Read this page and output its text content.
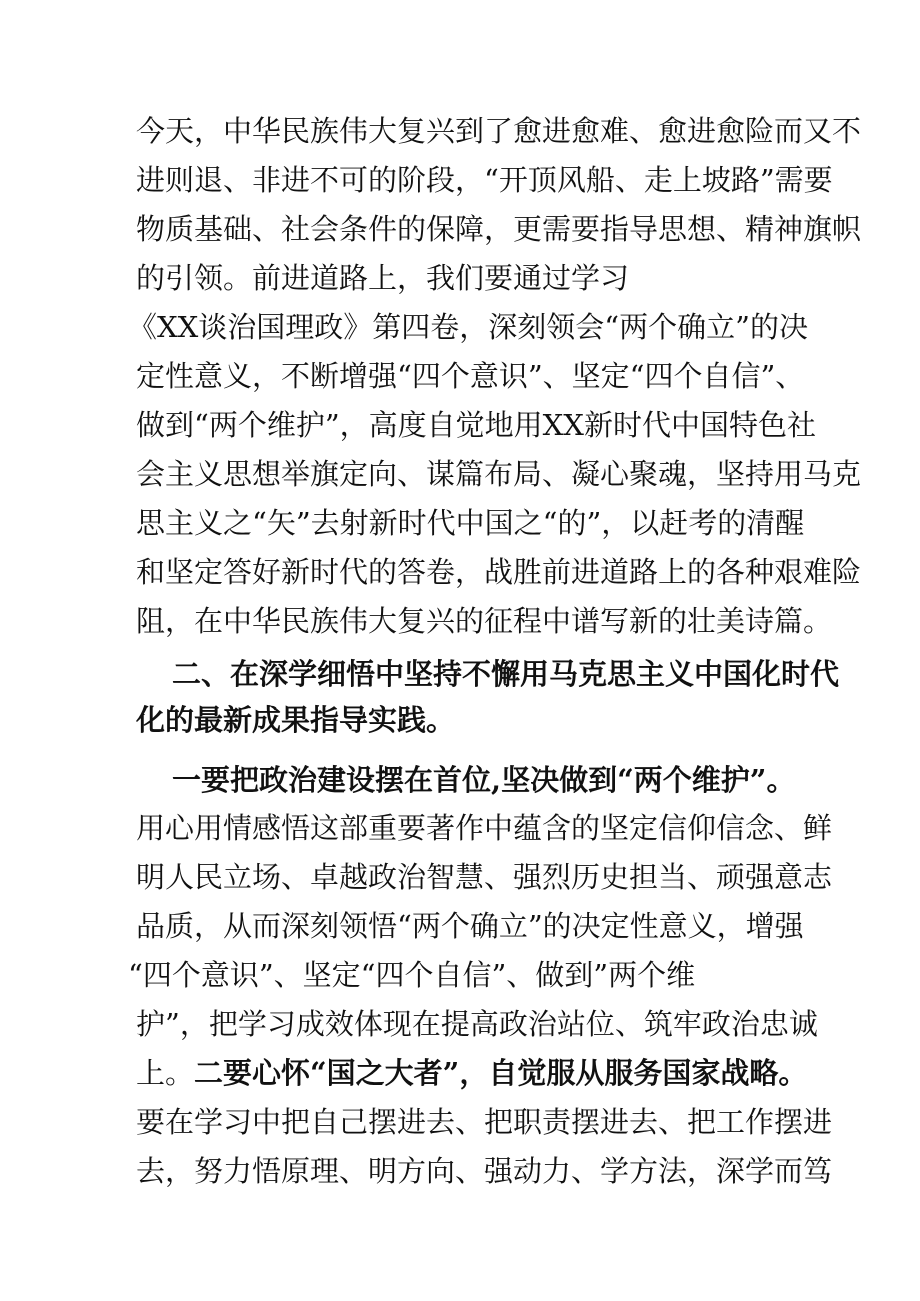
今天，中华民族伟大复兴到了愈进愈难、愈进愈险而又不
进则退、非进不可的阶段，“开顶风船、走上坡路”需要
物质基础、社会条件的保障，更需要指导思想、精神旗帜
的引领。前进道路上，我们要通过学习
《XX谈治国理政》第四卷，深刻领会“两个确立”的决
定性意义，不断增强“四个意识”、坚定“四个自信”、
做到“两个维护”，高度自觉地用XX新时代中国特色社
会主义思想举旗定向、谋篇布局、凝心聚魂，坚持用马克
思主义之“矢”去射新时代中国之“的”，以赶考的清醒
和坚定答好新时代的答卷，战胜前进道路上的各种艰难险
阻，在中华民族伟大复兴的征程中谱写新的壮美诗篇。
二、在深学细悟中坚持不懈用马克思主义中国化时代
化的最新成果指导实践。
一要把政治建设摆在首位,坚决做到“两个维护”。
用心用情感悟这部重要著作中蕴含的坚定信仰信念、鲜
明人民立场、卓越政治智慧、强烈历史担当、顽强意志
品质，从而深刻领悟“两个确立”的决定性意义，增强
“四个意识”、坚定“四个自信”、做到”两个维
护”，把学习成效体现在提高政治站位、筑牢政治忠诚
上。 二要心怀“国之大者”，自觉服从服务国家战略。
要在学习中把自己摆进去、把职责摆进去、把工作摆进
去，努力悟原理、明方向、强动力、学方法，深学而笃
